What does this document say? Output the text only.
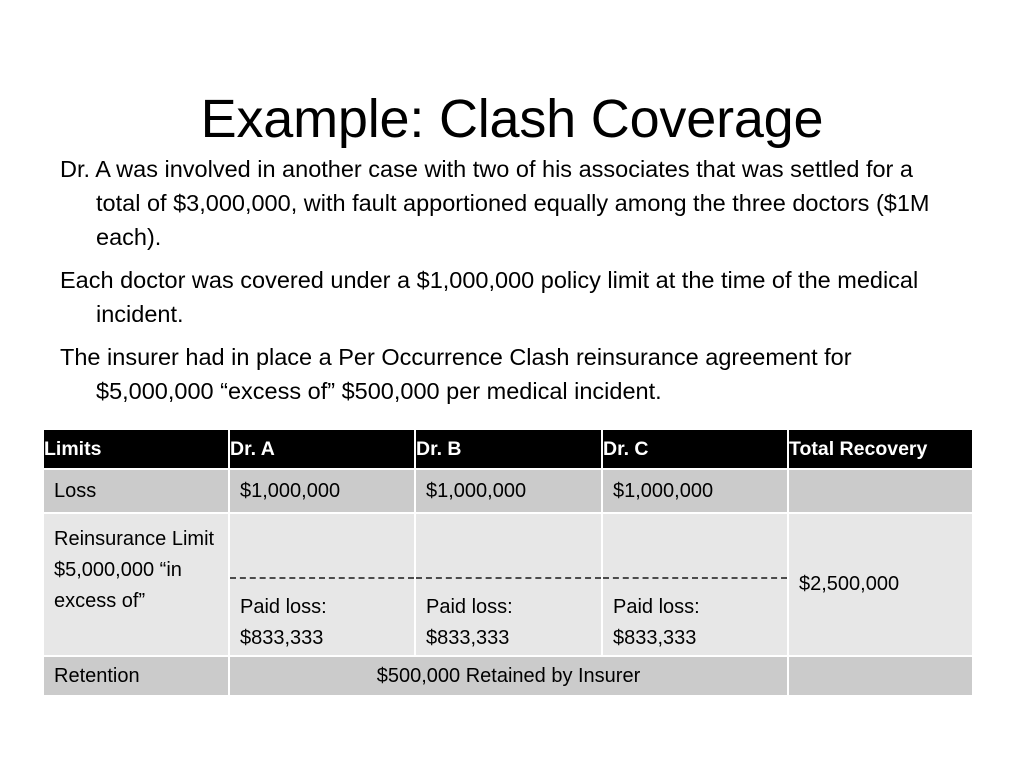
Example: Clash Coverage

Dr. A was involved in another case with two of his associates that was settled for a total of $3,000,000, with fault apportioned equally among the three doctors ($1M each).

Each doctor was covered under a $1,000,000 policy limit at the time of the medical incident.

The insurer had in place a Per Occurrence Clash reinsurance agreement for $5,000,000 “excess of” $500,000 per medical incident.

Limits	Dr. A	Dr. B	Dr. C	Total Recovery
Loss	$1,000,000	$1,000,000	$1,000,000	
Reinsurance Limit $5,000,000 “in excess of”	Paid loss: $833,333	Paid loss: $833,333	Paid loss: $833,333	$2,500,000
Retention	$500,000 Retained by Insurer			
